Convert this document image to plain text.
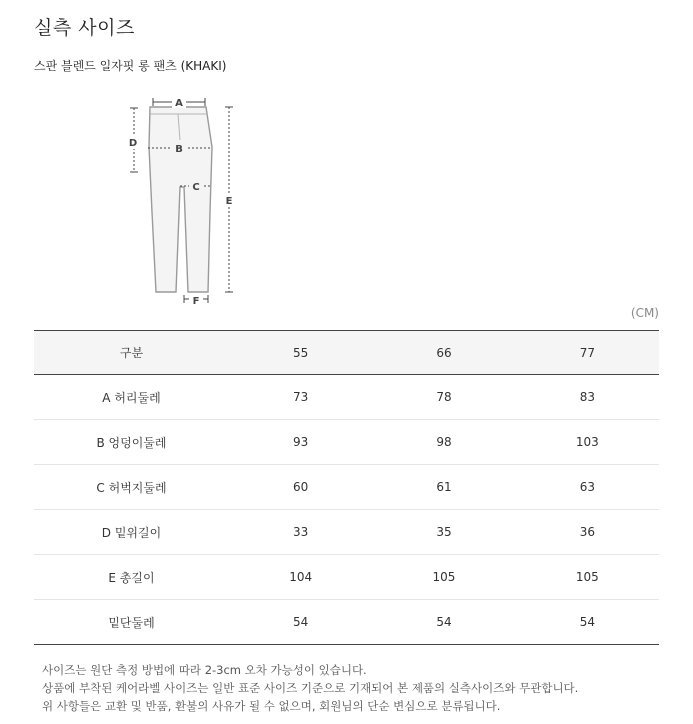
실측 사이즈
스판 블렌드 일자핏 롱 팬츠 (KHAKI)
A
D
B
C
E
F
(CM)
구분	55	66	77
A 허리둘레	73	78	83
B 엉덩이둘레	93	98	103
C 허벅지둘레	60	61	63
D 밑위길이	33	35	36
E 총길이	104	105	105
밑단둘레	54	54	54

사이즈는 원단 측정 방법에 따라 2-3cm 오차 가능성이 있습니다.

상품에 부착된 케어라벨 사이즈는 일반 표준 사이즈 기준으로 기재되어 본 제품의 실측사이즈와 무관합니다.

위 사항들은 교환 및 반품, 환불의 사유가 될 수 없으며, 회원님의 단순 변심으로 분류됩니다.
